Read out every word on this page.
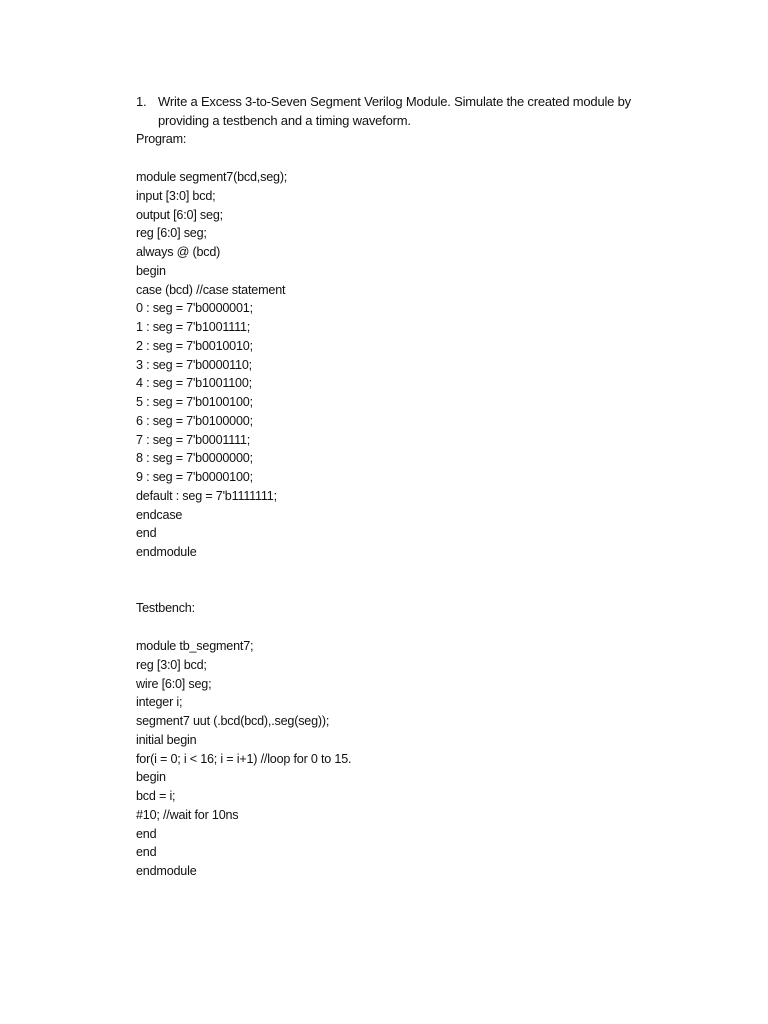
1. Write a Excess 3-to-Seven Segment Verilog Module. Simulate the created module by
providing a testbench and a timing waveform.
Program:
module segment7(bcd,seg);
input [3:0] bcd;
output [6:0] seg;
reg [6:0] seg;
always @ (bcd)
begin
case (bcd) //case statement
0 : seg = 7'b0000001;
1 : seg = 7'b1001111;
2 : seg = 7'b0010010;
3 : seg = 7'b0000110;
4 : seg = 7'b1001100;
5 : seg = 7'b0100100;
6 : seg = 7'b0100000;
7 : seg = 7'b0001111;
8 : seg = 7'b0000000;
9 : seg = 7'b0000100;
default : seg = 7'b1111111;
endcase
end
endmodule
Testbench:
module tb_segment7;
reg [3:0] bcd;
wire [6:0] seg;
integer i;
segment7 uut (.bcd(bcd),.seg(seg));
initial begin
for(i = 0; i < 16; i = i+1) //loop for 0 to 15.
begin
bcd = i;
#10; //wait for 10ns
end
end
endmodule
